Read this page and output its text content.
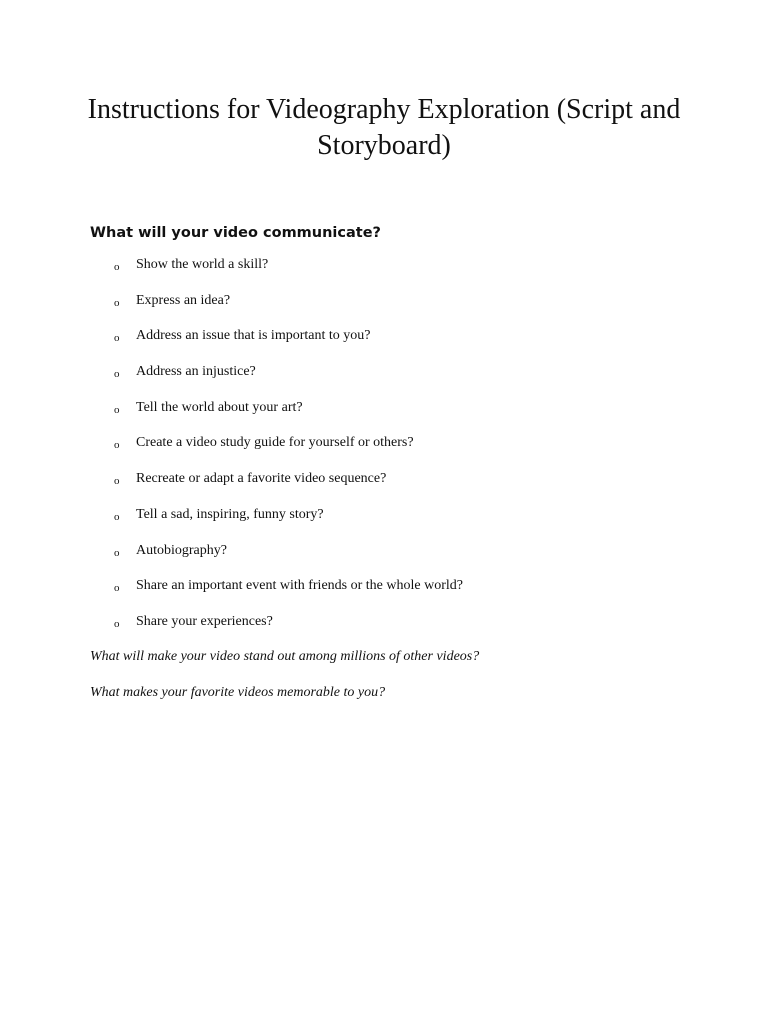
Instructions for Videography Exploration (Script and Storyboard)
What will your video communicate?
o Show the world a skill?
o Express an idea?
o Address an issue that is important to you?
o Address an injustice?
o Tell the world about your art?
o Create a video study guide for yourself or others?
o Recreate or adapt a favorite video sequence?
o Tell a sad, inspiring, funny story?
o Autobiography?
o Share an important event with friends or the whole world?
o Share your experiences?

What will make your video stand out among millions of other videos?

What makes your favorite videos memorable to you?
